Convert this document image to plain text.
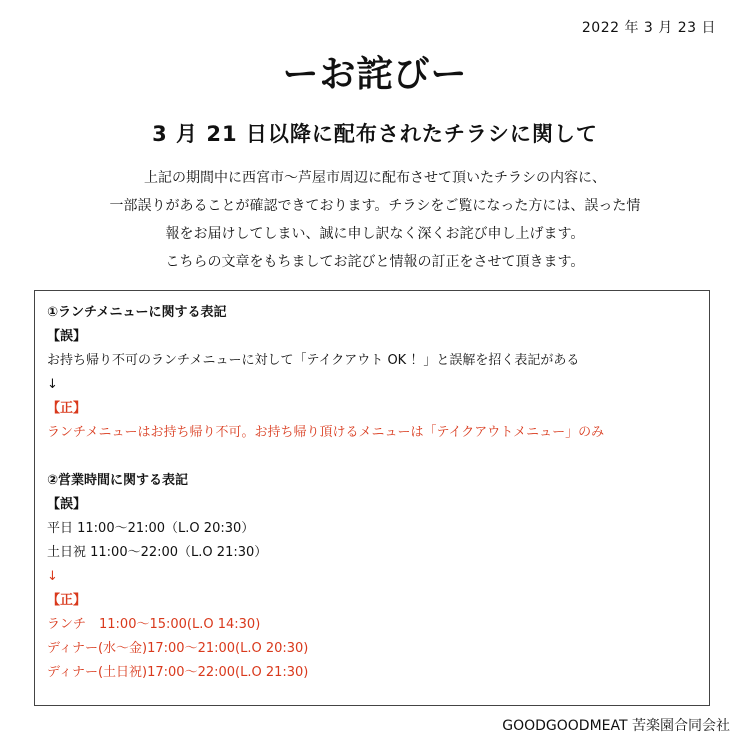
2022 年 3 月 23 日
ーお詫びー
3 月 21 日以降に配布されたチラシに関して
上記の期間中に西宮市〜芦屋市周辺に配布させて頂いたチラシの内容に、
一部誤りがあることが確認できております。チラシをご覧になった方には、誤った情
報をお届けしてしまい、誠に申し訳なく深くお詫び申し上げます。
こちらの文章をもちましてお詫びと情報の訂正をさせて頂きます。
①ランチメニューに関する表記
【誤】
お持ち帰り不可のランチメニューに対して「テイクアウト OK ！」と誤解を招く表記がある
↓
【正】
ランチメニューはお持ち帰り不可。お持ち帰り頂けるメニューは「テイクアウトメニュー」のみ
②営業時間に関する表記
【誤】
平日 11:00〜21:00（L.O 20:30）
土日祝 11:00〜22:00（L.O 21:30）
↓
【正】
ランチ　11:00〜15:00(L.O 14:30)
ディナー(水〜金)17:00〜21:00(L.O 20:30)
ディナー(土日祝)17:00〜22:00(L.O 21:30)
GOODGOODMEAT 苦楽園合同会社
